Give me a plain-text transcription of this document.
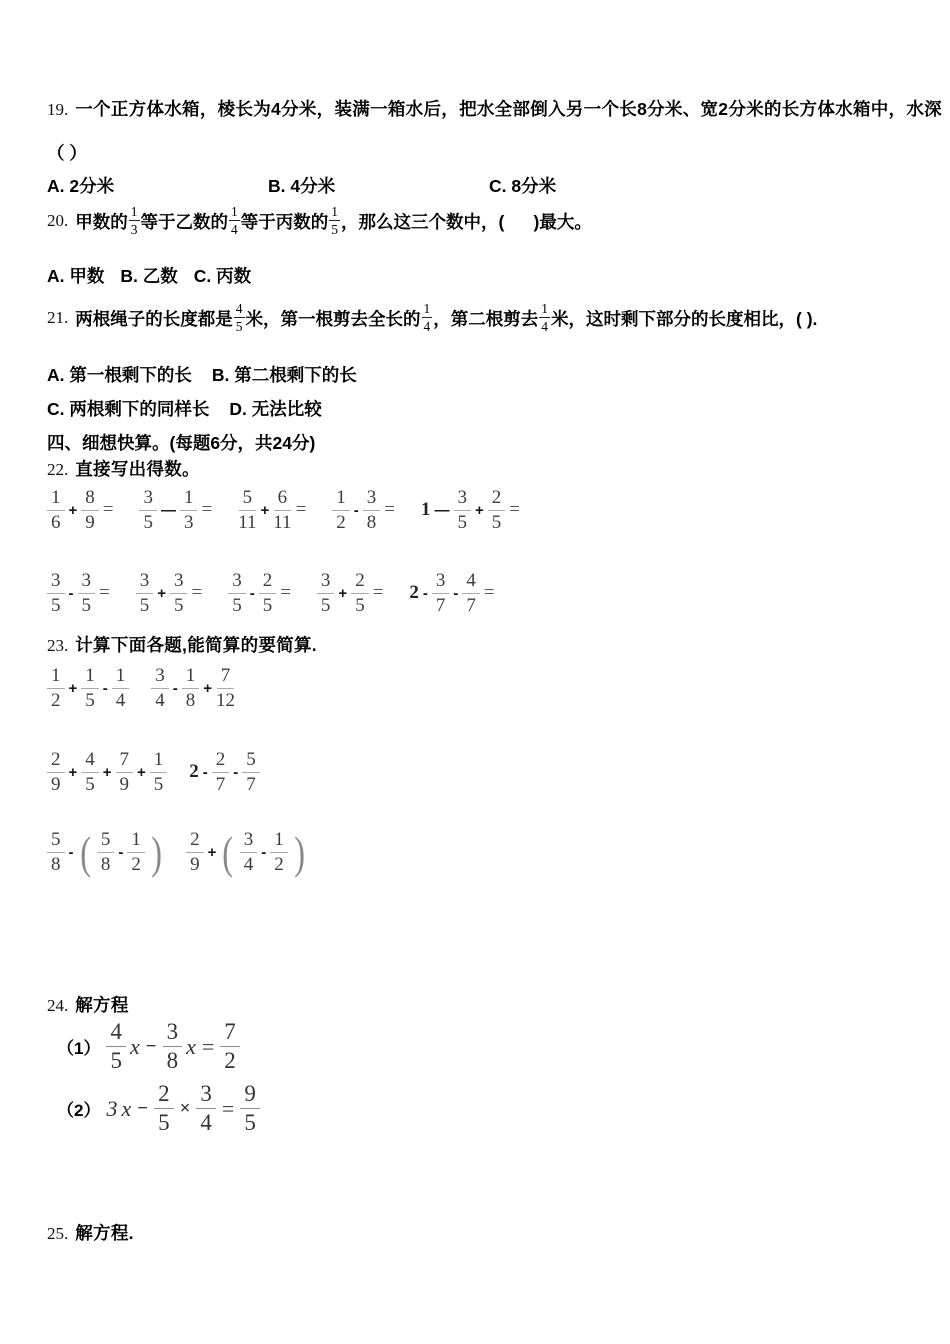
19. 一个正方体水箱，棱长为4分米，装满一箱水后，把水全部倒入另一个长8分米、宽2分米的长方体水箱中，水深
（ ）
A. 2分米	B. 4分米	C. 8分米
20. 甲数的 $\frac{1}{3}$ 等于乙数的 $\frac{1}{4}$ 等于丙数的 $\frac{1}{5}$ ，那么这三个数中，(      )最大。
A. 甲数 B. 乙数 C. 丙数
21. 两根绳子的长度都是 $\frac{4}{5}$ 米，第一根剪去全长的 $\frac{1}{4}$ ，第二根剪去 $\frac{1}{4}$ 米，这时剩下部分的长度相比，( ).
A. 第一根剩下的长 B. 第二根剩下的长
C. 两根剩下的同样长 D. 无法比较
四、细想快算。(每题6分，共24分)
22. 直接写出得数。
$\frac{1}{6} + \frac{8}{9} = \frac{3}{5}$ — $\frac{1}{3} = \frac{5}{11} + \frac{6}{11} = \frac{1}{2} - \frac{3}{8} = 1$ — $\frac{3}{5} + \frac{2}{5}$ =
$\frac{3}{5} - \frac{3}{5} = \frac{3}{5} + \frac{3}{5} = \frac{3}{5} - \frac{2}{5} = \frac{3}{5} + \frac{2}{5} = 2 - \frac{3}{7} - \frac{4}{7}$ =
23. 计算下面各题,能简算的要简算.
$\frac{1}{2} + \frac{1}{5} - \frac{1}{4} \frac{3}{4} - \frac{1}{8} + \frac{7}{12}$
$\frac{2}{9} + \frac{4}{5} + \frac{7}{9} + \frac{1}{5} 2 - \frac{2}{7} - \frac{5}{7}$
$\frac{5}{8}$ - ( $\frac{5}{8} - \frac{1}{2}$ ) $\frac{2}{9}$ + ( $\frac{3}{4} - \frac{1}{2}$ )
24. 解方程
$(1) \frac{4}{5}$ $x - \frac{3}{8}$ $x = \frac{7}{2}$
（2） 3 $x - \frac{2}{5} \times \frac{3}{4} = \frac{9}{5}$
25. 解方程.
